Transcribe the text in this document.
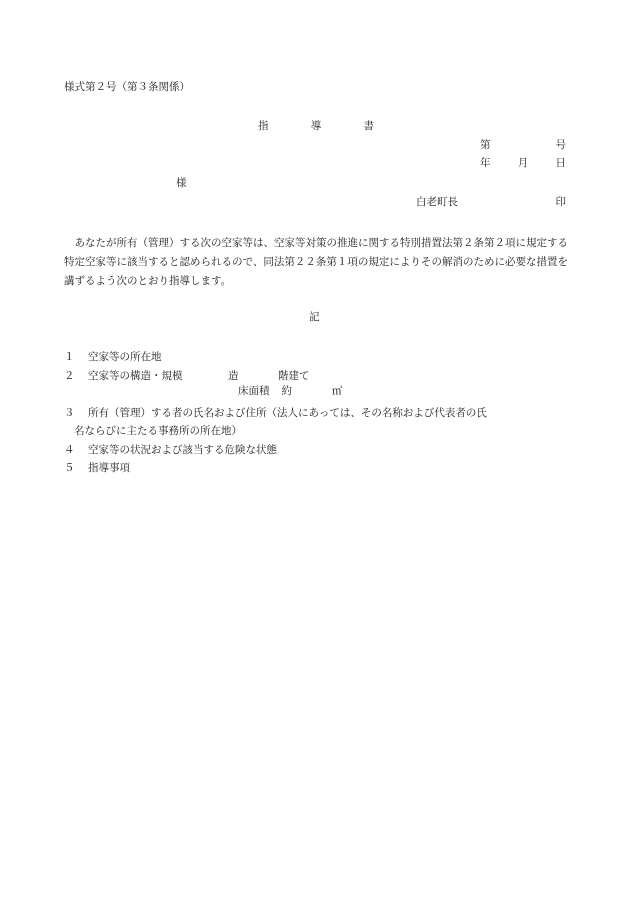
様式第２号（第３条関係）
指	導	書
第	号
年	月	日
様
白老町長	印

あなたが所有（管理）する次の空家等は、空家等対策の推進に関する特別措置法第２条第２項に規定する特定空家等に該当すると認められるので、同法第２２条第１項の規定によりその解消のために必要な措置を講ずるよう次のとおり指導します。

記
１	空家等の所在地
２	空家等の構造・規模	造	階建て
３ 所有（管理）する者の氏名および住所（法人にあっては、その名称および代表者の氏
名ならびに主たる事務所の所在地）
４	空家等の状況および該当する危険な状態
５	指導事項
床面積 約	㎡
